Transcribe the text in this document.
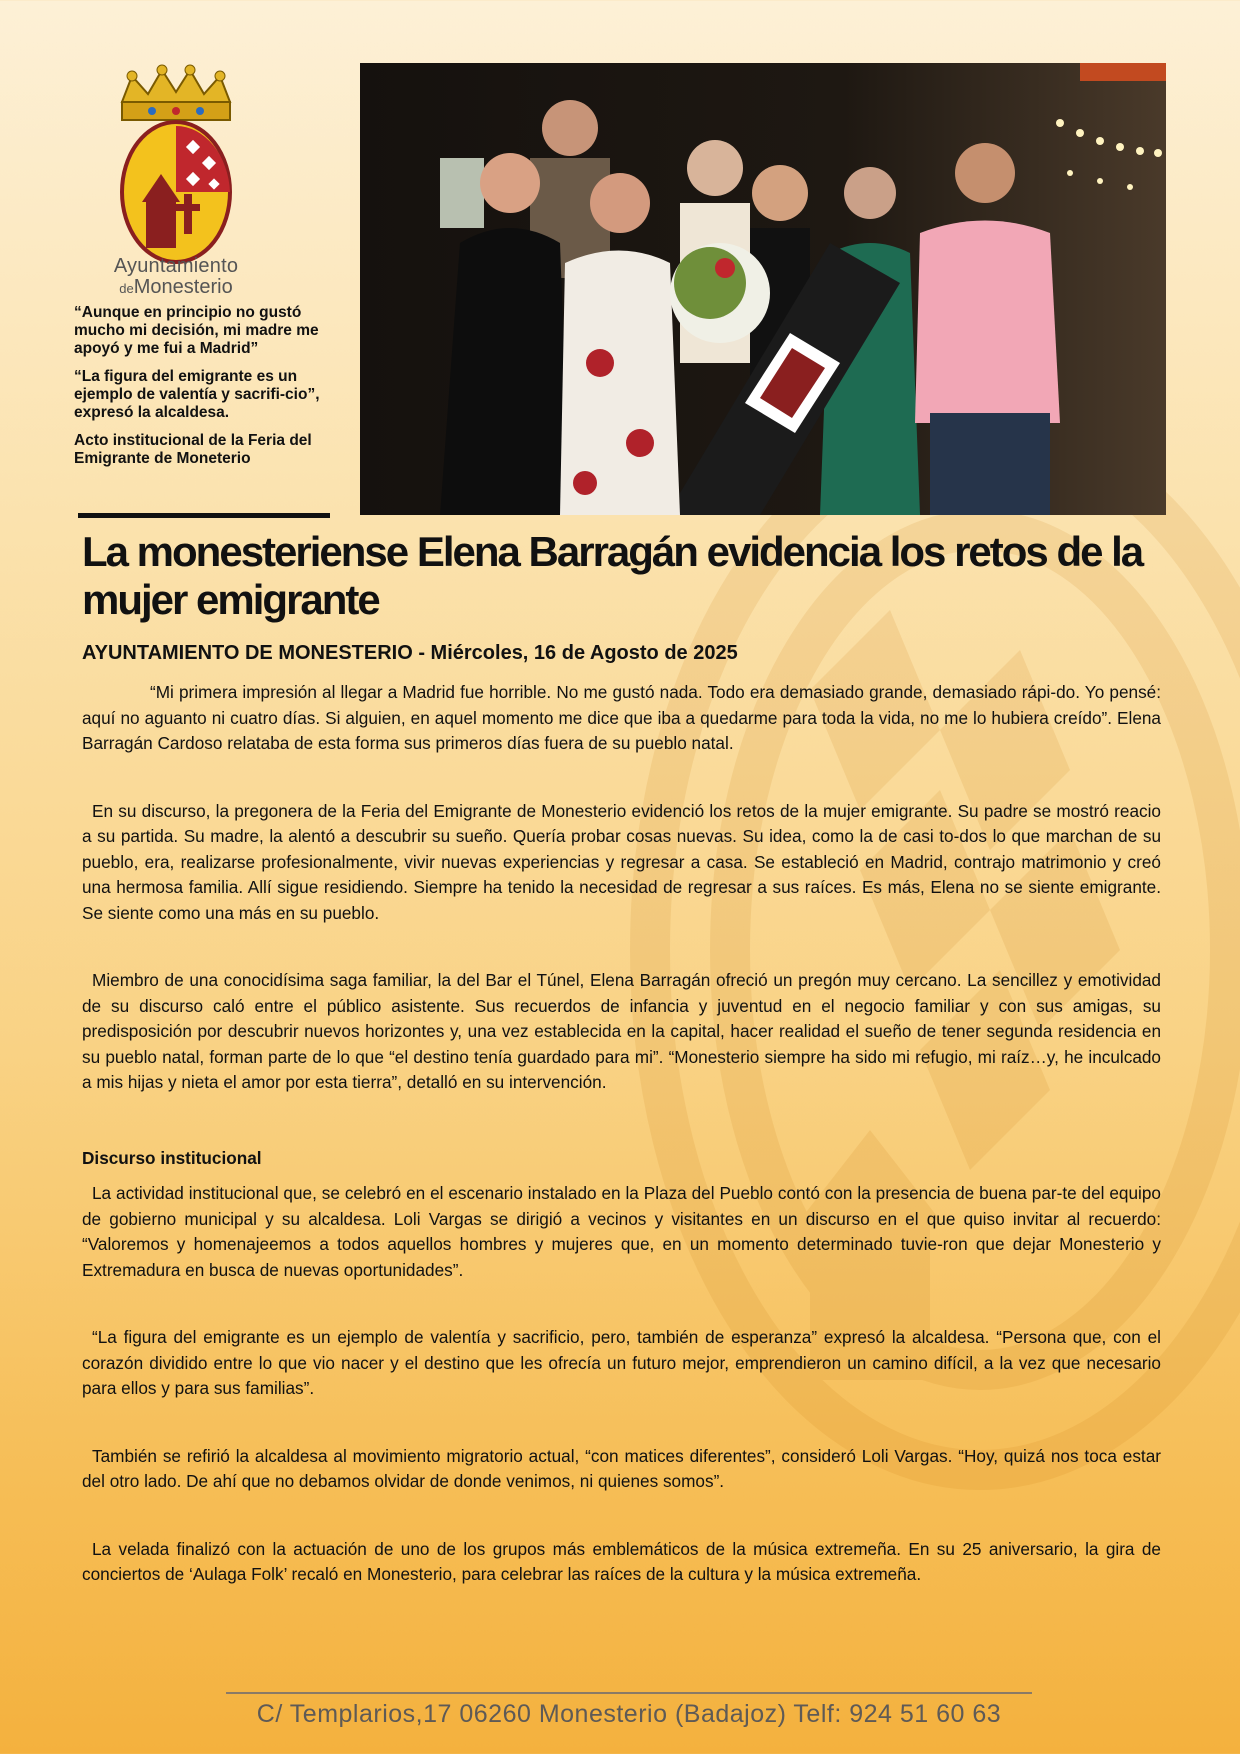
Ayuntamiento
deMonesterio

“Aunque en principio no gustó mucho mi decisión, mi madre me apoyó y me fui a Madrid”

“La figura del emigrante es un ejemplo de valentía y sacrifi-cio”, expresó la alcaldesa.

Acto institucional de la Feria del Emigrante de Moneterio

La monesteriense Elena Barragán evidencia los retos de la mujer emigrante

AYUNTAMIENTO DE MONESTERIO - Miércoles, 16 de Agosto de 2025

“Mi primera impresión al llegar a Madrid fue horrible. No me gustó nada. Todo era demasiado grande, demasiado rápi-do. Yo pensé: aquí no aguanto ni cuatro días. Si alguien, en aquel momento me dice que iba a quedarme para toda la vida, no me lo hubiera creído”. Elena Barragán Cardoso relataba de esta forma sus primeros días fuera de su pueblo natal.

En su discurso, la pregonera de la Feria del Emigrante de Monesterio evidenció los retos de la mujer emigrante. Su padre se mostró reacio a su partida. Su madre, la alentó a descubrir su sueño. Quería probar cosas nuevas. Su idea, como la de casi to-dos lo que marchan de su pueblo, era, realizarse profesionalmente, vivir nuevas experiencias y regresar a casa. Se estableció en Madrid, contrajo matrimonio y creó una hermosa familia. Allí sigue residiendo. Siempre ha tenido la necesidad de regresar a sus raíces. Es más, Elena no se siente emigrante. Se siente como una más en su pueblo.

Miembro de una conocidísima saga familiar, la del Bar el Túnel, Elena Barragán ofreció un pregón muy cercano. La sencillez y emotividad de su discurso caló entre el público asistente. Sus recuerdos de infancia y juventud en el negocio familiar y con sus amigas, su predisposición por descubrir nuevos horizontes y, una vez establecida en la capital, hacer realidad el sueño de tener segunda residencia en su pueblo natal, forman parte de lo que “el destino tenía guardado para mi”. “Monesterio siempre ha sido mi refugio, mi raíz…y, he inculcado a mis hijas y nieta el amor por esta tierra”, detalló en su intervención.

Discurso institucional

La actividad institucional que, se celebró en el escenario instalado en la Plaza del Pueblo contó con la presencia de buena par-te del equipo de gobierno municipal y su alcaldesa. Loli Vargas se dirigió a vecinos y visitantes en un discurso en el que quiso invitar al recuerdo: “Valoremos y homenajeemos a todos aquellos hombres y mujeres que, en un momento determinado tuvie-ron que dejar Monesterio y Extremadura en busca de nuevas oportunidades”.

“La figura del emigrante es un ejemplo de valentía y sacrificio, pero, también de esperanza” expresó la alcaldesa. “Persona que, con el corazón dividido entre lo que vio nacer y el destino que les ofrecía un futuro mejor, emprendieron un camino difícil, a la vez que necesario para ellos y para sus familias”.

También se refirió la alcaldesa al movimiento migratorio actual, “con matices diferentes”, consideró Loli Vargas. “Hoy, quizá nos toca estar del otro lado. De ahí que no debamos olvidar de donde venimos, ni quienes somos”.

La velada finalizó con la actuación de uno de los grupos más emblemáticos de la música extremeña. En su 25 aniversario, la gira de conciertos de ‘Aulaga Folk’ recaló en Monesterio, para celebrar las raíces de la cultura y la música extremeña.

C/ Templarios,17 06260 Monesterio (Badajoz) Telf: 924 51 60 63
